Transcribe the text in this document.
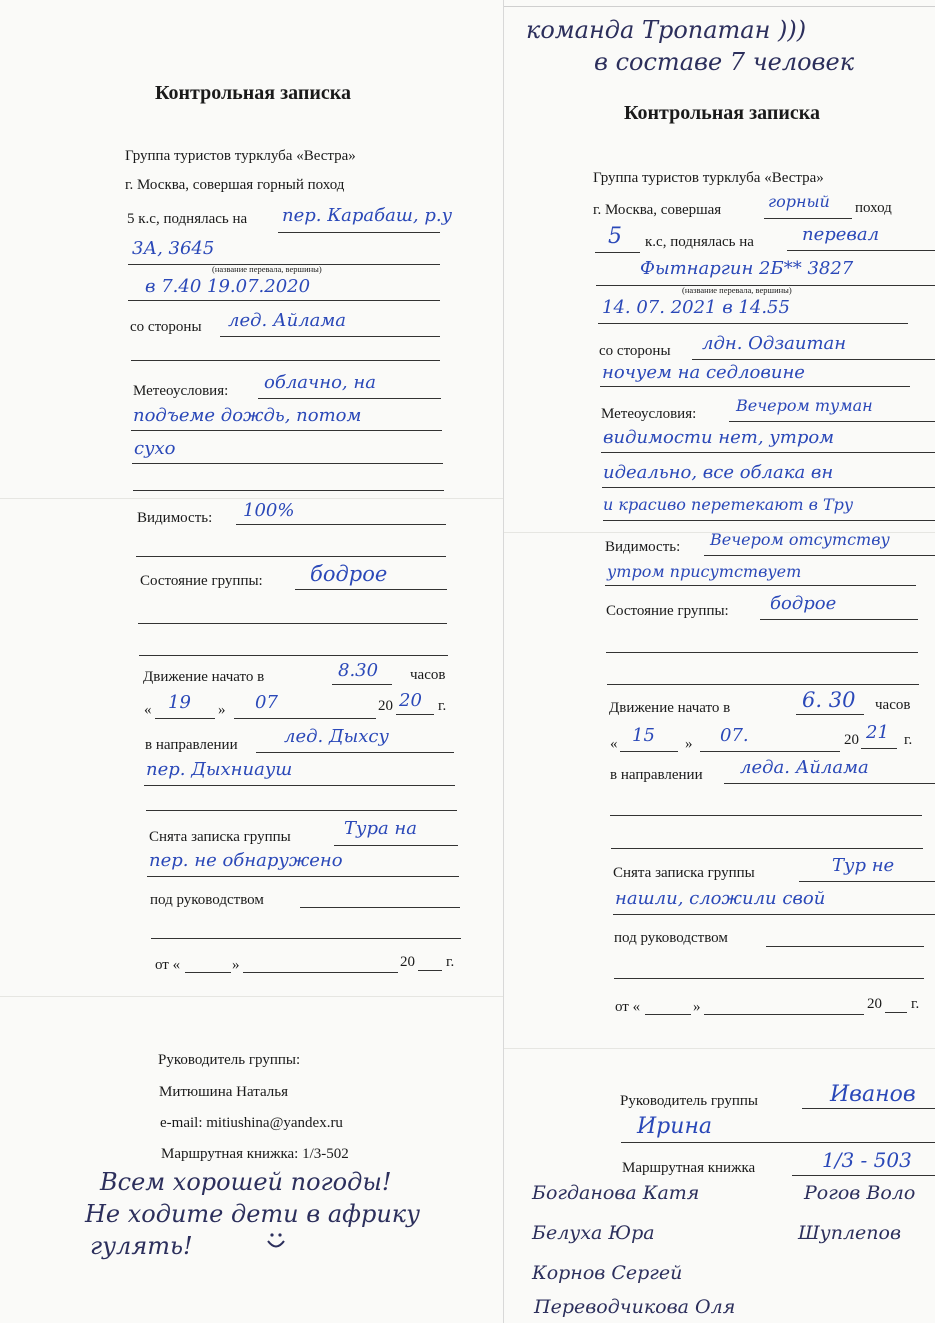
Контрольная записка
Группа туристов турклуба «Вестра»
г. Москва, совершая горный поход
5 к.с, поднялась на пер. Карабаш, р.у
3А, 3645
(название перевала, вершины)
в 7.40 19.07.2020
со стороны лед. Айлама
Метеоусловия: облачно, на
подъеме дождь, потом
сухо
Видимость: 100%
Состояние группы: бодрое
Движение начато в	8.30 часов
« 19 » 07	20 20 г.
в направлении	лед. Дыхсу
пер. Дыхниауш
Снята записка группы	Тура на
пер. не обнаружено
под руководством
от «	»	20 г.
Руководитель группы:
Митюшина Наталья
e-mail: mitiushina@yandex.ru
Маршрутная книжка: 1/3-502
Всем хорошей погоды!
Не ходите дети в африку
гулять!
команда Тропатан )))
в составе 7 человек
Контрольная записка
Группа туристов турклуба «Вестра»
г. Москва, совершая	горный поход
5 к.с, поднялась на	перевал
Фытнаргин 2Б** 3827
(название перевала, вершины)
14. 07. 2021 в 14.55
со стороны лдн. Одзаитан
ночуем на седловине
Метеоусловия: Вечером туман
видимости нет, утром
идеально, все облака вн
и красиво перетекают в Тру
Видимость: Вечером отсутству
утром присутствует
Состояние группы: бодрое
Движение начато в	6. 30 часов
« 15 » 07.	20 21 г.
в направлении леда. Айлама
Снята записка группы	Тур не
нашли, сложили свой
под руководством
от «	»	20 г.
Руководитель группы	Иванов
Ирина
Маршрутная книжка	1/3 - 503
Богданова Катя	Рогов Воло
Белуха Юра	Шуплепов
Корнов Сергей
Переводчикова Оля
